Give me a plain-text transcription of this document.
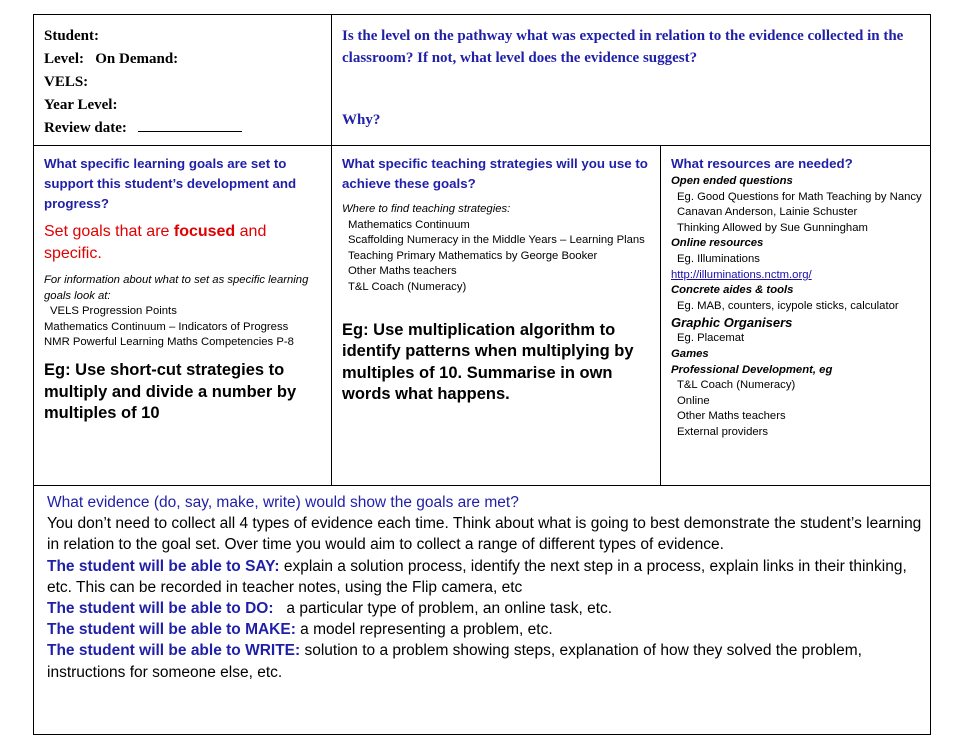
Student:
Level: On Demand:
VELS:
Year Level:
Review date:
Is the level on the pathway what was expected in relation to the evidence collected in the classroom? If not, what level does the evidence suggest?
Why?
What specific learning goals are set to support this student’s development and progress?
Set goals that are focused and specific.
For information about what to set as specific learning goals look at:
VELS Progression Points
Mathematics Continuum – Indicators of Progress
NMR Powerful Learning Maths Competencies P-8
Eg: Use short-cut strategies to multiply and divide a number by multiples of 10
What specific teaching strategies will you use to achieve these goals?
Where to find teaching strategies:
Mathematics Continuum
Scaffolding Numeracy in the Middle Years – Learning Plans
Teaching Primary Mathematics by George Booker
Other Maths teachers
T&L Coach (Numeracy)
Eg: Use multiplication algorithm to identify patterns when multiplying by multiples of 10. Summarise in own words what happens.
What resources are needed?
Open ended questions
Eg. Good Questions for Math Teaching by Nancy Canavan Anderson, Lainie Schuster
Thinking Allowed by Sue Gunningham
Online resources
Eg. Illuminations
http://illuminations.nctm.org/
Concrete aides & tools
Eg. MAB, counters, icypole sticks, calculator
Graphic Organisers
Eg. Placemat
Games
Professional Development, eg
T&L Coach (Numeracy)
Online
Other Maths teachers
External providers
What evidence (do, say, make, write) would show the goals are met?
You don’t need to collect all 4 types of evidence each time. Think about what is going to best demonstrate the student’s learning in relation to the goal set. Over time you would aim to collect a range of different types of evidence.
The student will be able to SAY: explain a solution process, identify the next step in a process, explain links in their thinking, etc. This can be recorded in teacher notes, using the Flip camera, etc
The student will be able to DO:   a particular type of problem, an online task, etc.
The student will be able to MAKE: a model representing a problem, etc.
The student will be able to WRITE: solution to a problem showing steps, explanation of how they solved the problem, instructions for someone else, etc.
